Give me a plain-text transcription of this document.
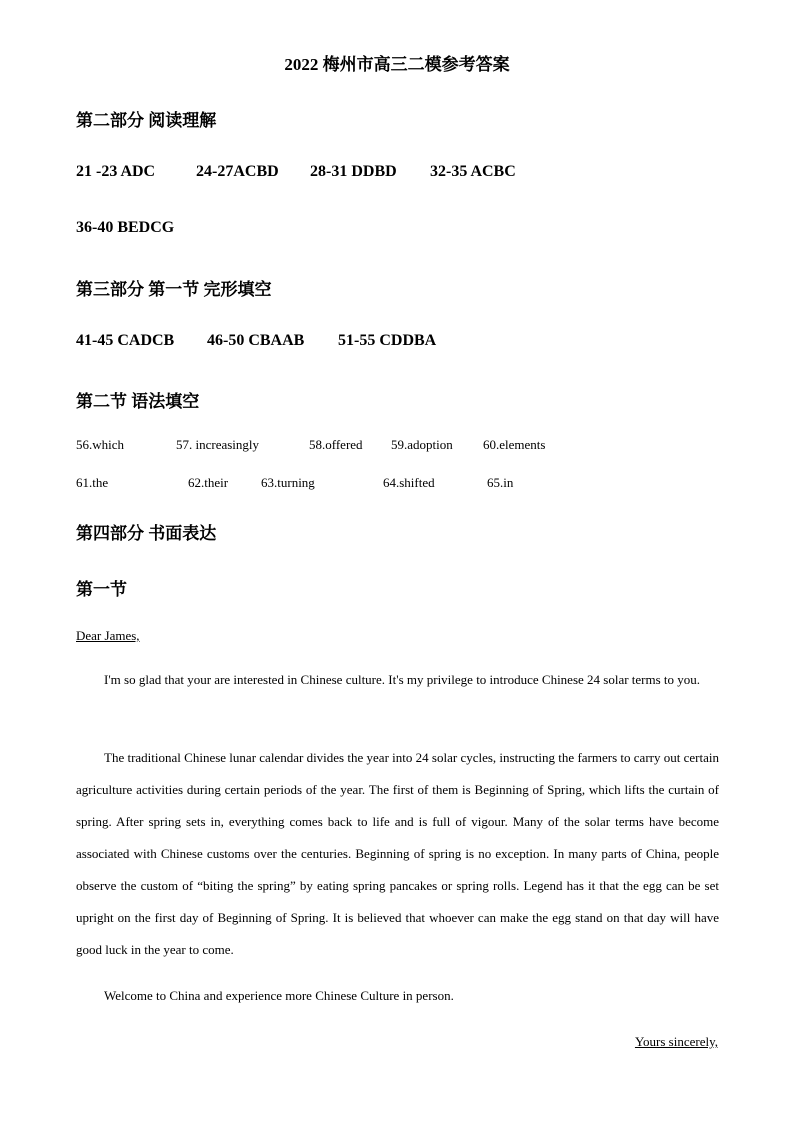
2022 梅州市高三二模参考答案
第二部分 阅读理解
21 -23 ADC	24-27ACBD 28-31 DDBD 32-35 ACBC
36-40 BEDCG
第三部分 第一节 完形填空
41-45 CADCB 46-50 CBAAB 51-55 CDDBA
第二节 语法填空
56.which	57. increasingly	58.offered 59.adoption 60.elements
61.the	62.their	63.turning	64.shifted	65.in
第四部分 书面表达
第一节
Dear James,
I'm so glad that your are interested in Chinese culture. It's my privilege to introduce Chinese 24 solar terms to you.
The traditional Chinese lunar calendar divides the year into 24 solar cycles, instructing the farmers to carry out certain agriculture activities during certain periods of the year. The first of them is Beginning of Spring, which lifts the curtain of spring. After spring sets in, everything comes back to life and is full of vigour. Many of the solar terms have become associated with Chinese customs over the centuries. Beginning of spring is no exception. In many parts of China, people observe the custom of “biting the spring” by eating spring pancakes or spring rolls. Legend has it that the egg can be set upright on the first day of Beginning of Spring. It is believed that whoever can make the egg stand on that day will have good luck in the year to come.
Welcome to China and experience more Chinese Culture in person.
Yours sincerely,
